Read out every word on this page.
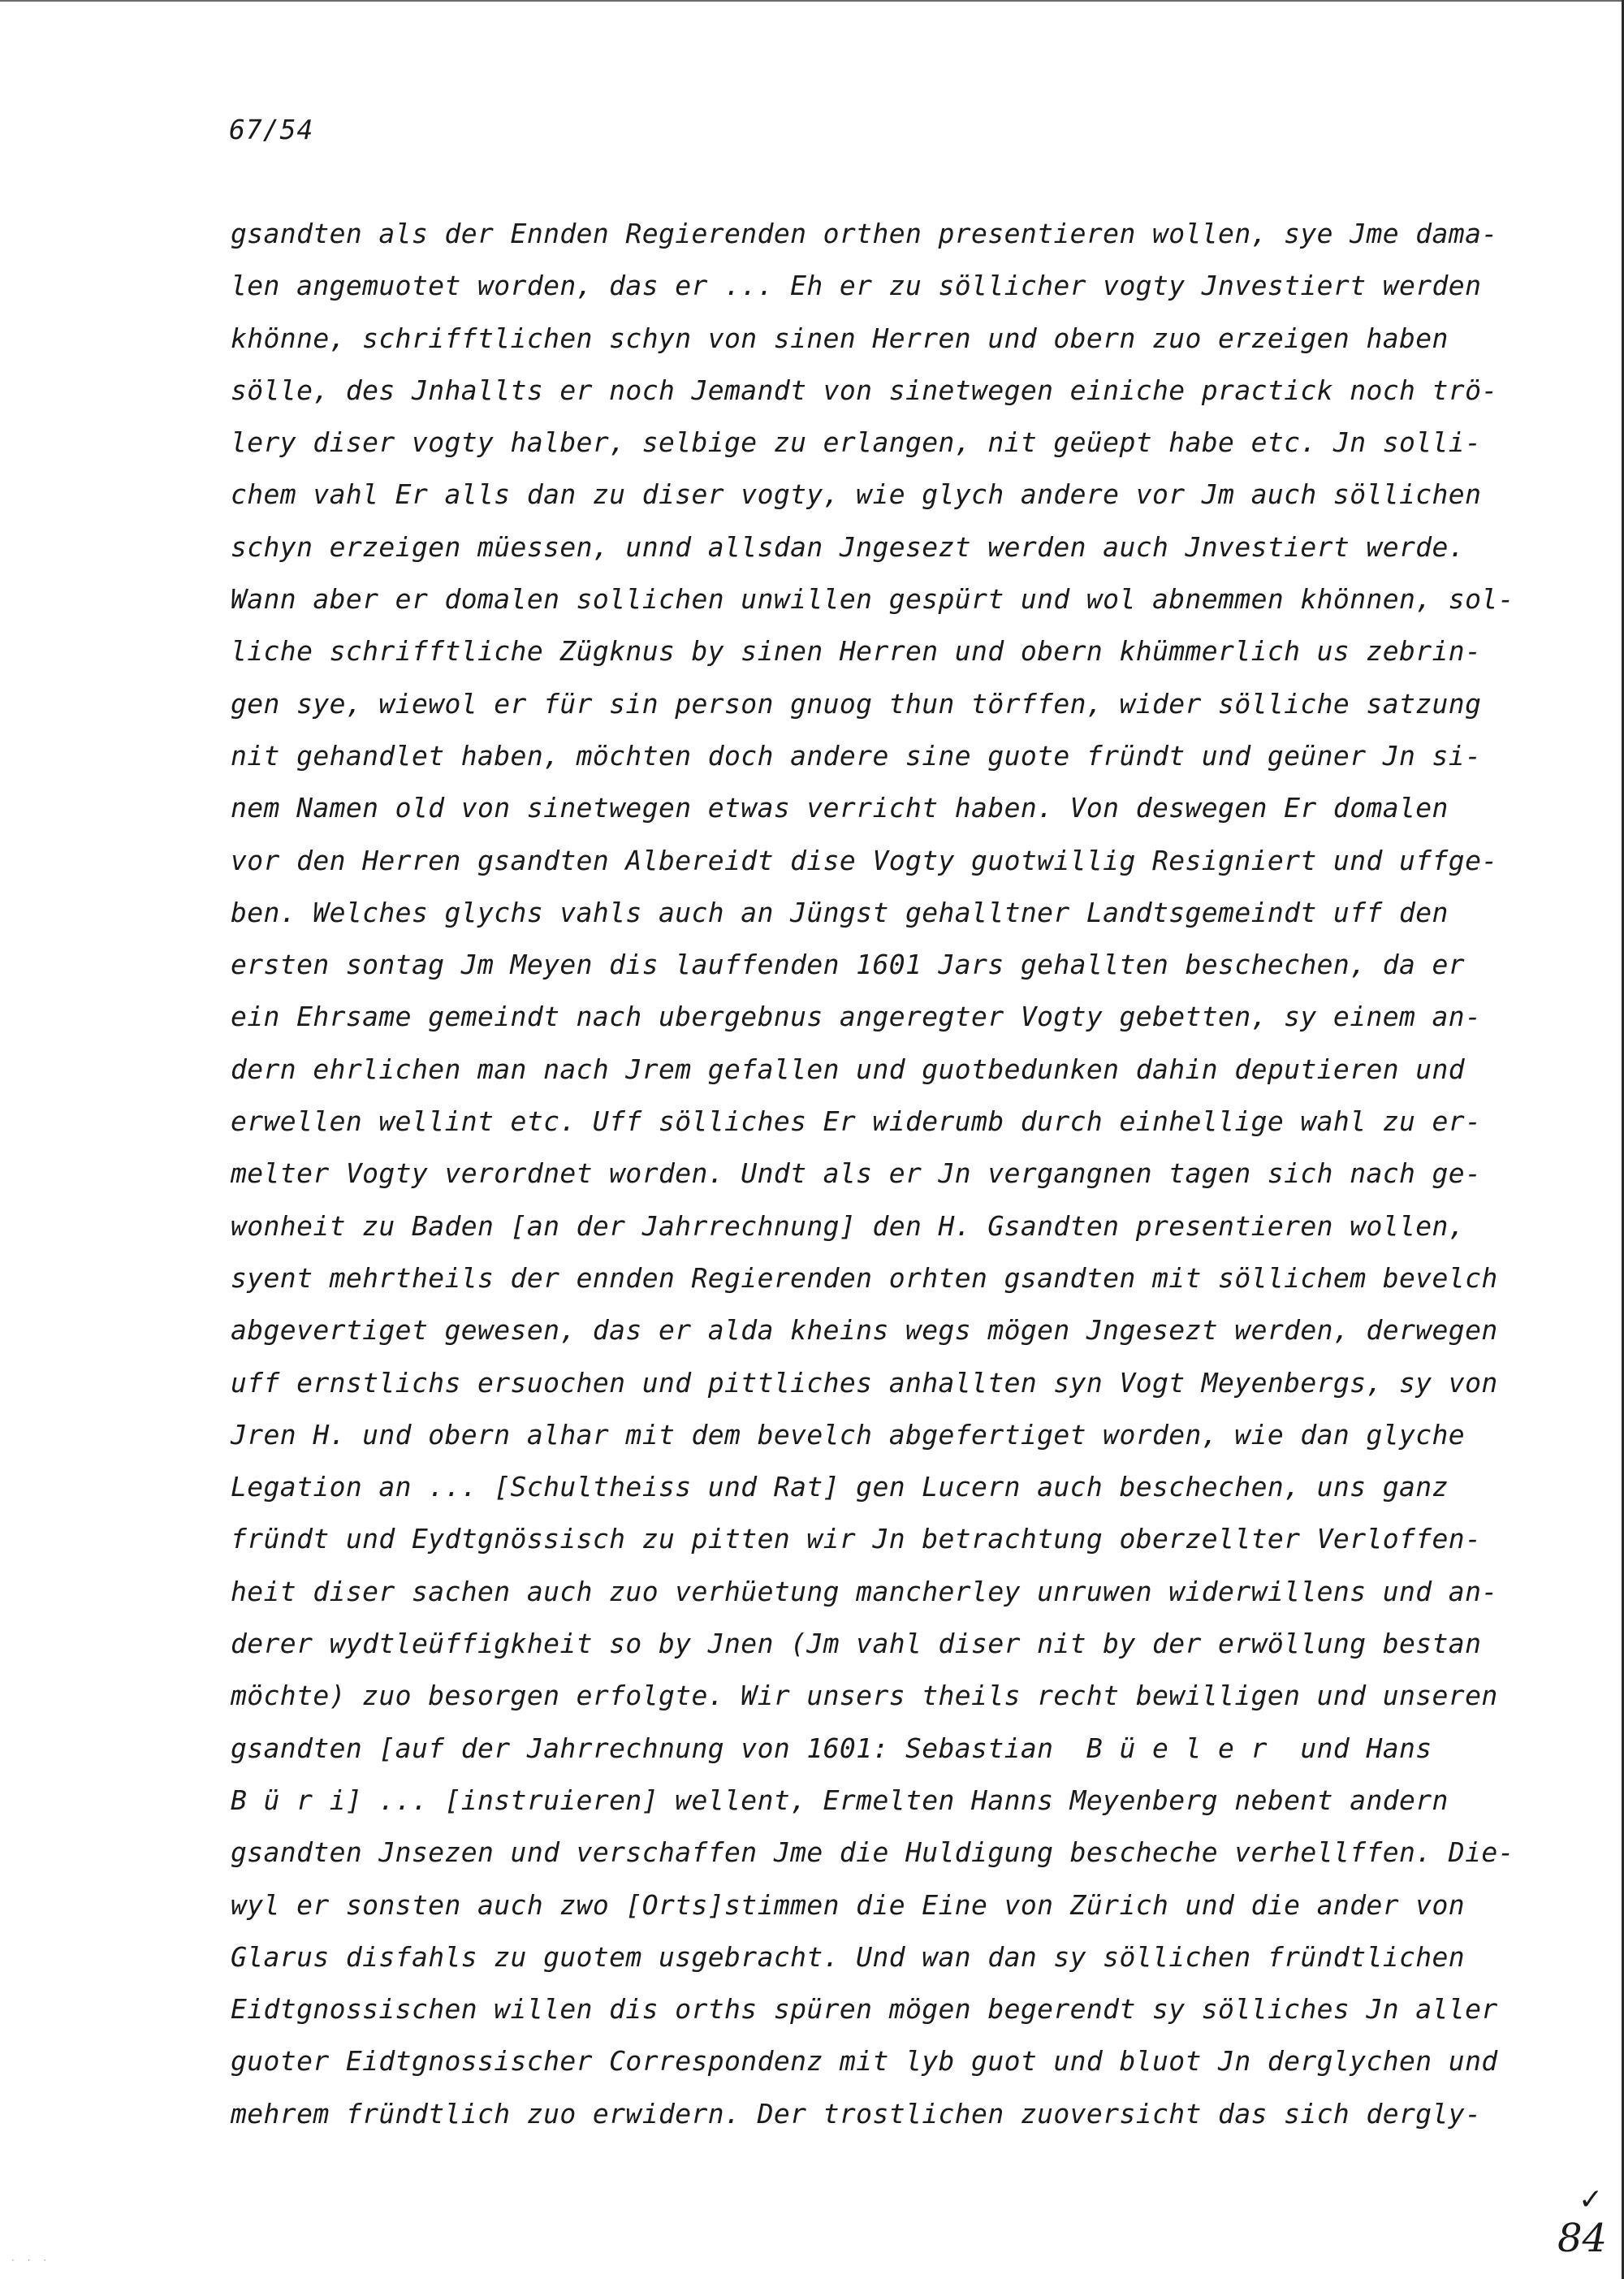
67/54
gsandten als der Ennden Regierenden orthen presentieren wollen, sye Jme dama-
len angemuotet worden, das er ... Eh er zu söllicher vogty Jnvestiert werden
khönne, schrifftlichen schyn von sinen Herren und obern zuo erzeigen haben
sölle, des Jnhallts er noch Jemandt von sinetwegen einiche practick noch trö-
lery diser vogty halber, selbige zu erlangen, nit geüept habe etc. Jn solli-
chem vahl Er alls dan zu diser vogty, wie glych andere vor Jm auch söllichen
schyn erzeigen müessen, unnd allsdan Jngesezt werden auch Jnvestiert werde.
Wann aber er domalen sollichen unwillen gespürt und wol abnemmen khönnen, sol-
liche schrifftliche Zügknus by sinen Herren und obern khümmerlich us zebrin-
gen sye, wiewol er für sin person gnuog thun törffen, wider sölliche satzung
nit gehandlet haben, möchten doch andere sine guote fründt und geüner Jn si-
nem Namen old von sinetwegen etwas verricht haben. Von deswegen Er domalen
vor den Herren gsandten Albereidt dise Vogty guotwillig Resigniert und uffge-
ben. Welches glychs vahls auch an Jüngst gehalltner Landtsgemeindt uff den
ersten sontag Jm Meyen dis lauffenden 1601 Jars gehallten beschechen, da er
ein Ehrsame gemeindt nach ubergebnus angeregter Vogty gebetten, sy einem an-
dern ehrlichen man nach Jrem gefallen und guotbedunken dahin deputieren und
erwellen wellint etc. Uff sölliches Er widerumb durch einhellige wahl zu er-
melter Vogty verordnet worden. Undt als er Jn vergangnen tagen sich nach ge-
wonheit zu Baden [an der Jahrrechnung] den H. Gsandten presentieren wollen,
syent mehrtheils der ennden Regierenden orhten gsandten mit söllichem bevelch
abgevertiget gewesen, das er alda kheins wegs mögen Jngesezt werden, derwegen
uff ernstlichs ersuochen und pittliches anhallten syn Vogt Meyenbergs, sy von
Jren H. und obern alhar mit dem bevelch abgefertiget worden, wie dan glyche
Legation an ... [Schultheiss und Rat] gen Lucern auch beschechen, uns ganz
fründt und Eydtgnössisch zu pitten wir Jn betrachtung oberzellter Verloffen-
heit diser sachen auch zuo verhüetung mancherley unruwen widerwillens und an-
derer wydtleüffigkheit so by Jnen (Jm vahl diser nit by der erwöllung bestan
möchte) zuo besorgen erfolgte. Wir unsers theils recht bewilligen und unseren
gsandten [auf der Jahrrechnung von 1601: Sebastian  B ü e l e r  und Hans
B ü r i] ... [instruieren] wellent, Ermelten Hanns Meyenberg nebent andern
gsandten Jnsezen und verschaffen Jme die Huldigung bescheche verhellffen. Die-
wyl er sonsten auch zwo [Orts]stimmen die Eine von Zürich und die ander von
Glarus disfahls zu guotem usgebracht. Und wan dan sy söllichen fründtlichen
Eidtgnossischen willen dis orths spüren mögen begerendt sy sölliches Jn aller
guoter Eidtgnossischer Correspondenz mit lyb guot und bluot Jn derglychen und
mehrem fründtlich zuo erwidern. Der trostlichen zuoversicht das sich dergly-
✓
84
· · ·
